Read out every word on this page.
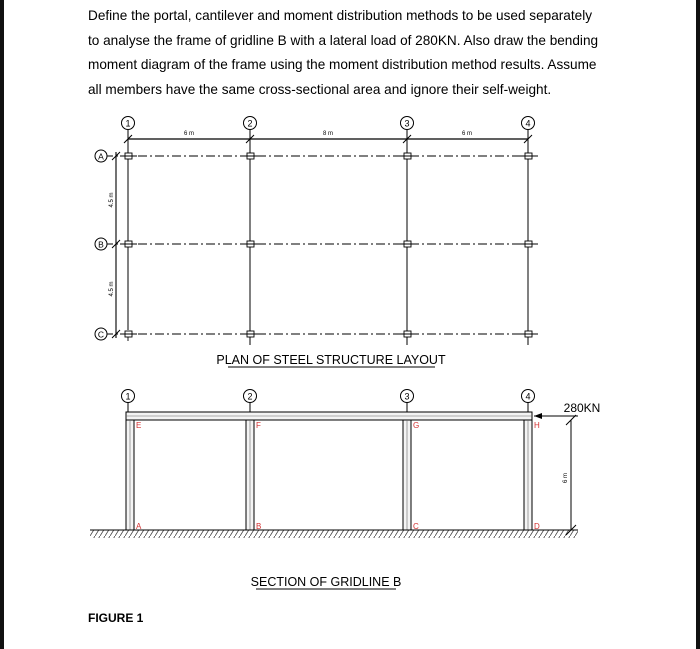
Define the portal, cantilever and moment distribution methods to be used separately
to analyse the frame of gridline B with a lateral load of 280KN. Also draw the bending
moment diagram of the frame using the moment distribution method results. Assume
all members have the same cross-sectional area and ignore their self-weight.
1	2	3	4
6 m	8 m	6 m
A
B
C
4.5 m
4.5 m
PLAN OF STEEL STRUCTURE LAYOUT
1	2	3	4
E	F	G	H
A	B	C	D
280KN
6 m
SECTION OF GRIDLINE B
FIGURE 1
